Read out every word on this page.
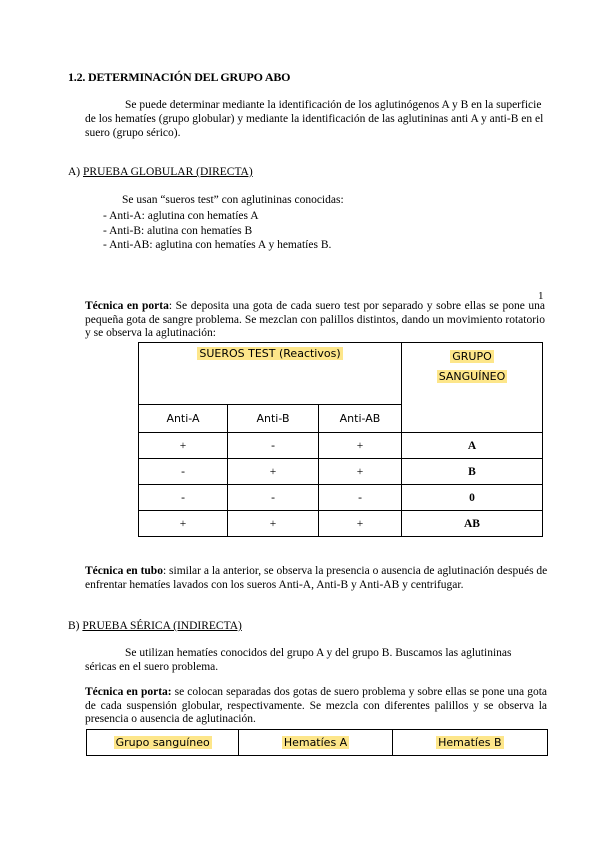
1.2. DETERMINACIÓN DEL GRUPO ABO

Se puede determinar mediante la identificación de los aglutinógenos A y B en la superficie de los hematíes (grupo globular) y mediante la identificación de las aglutininas anti A y anti-B en el suero (grupo sérico).

A) PRUEBA GLOBULAR (DIRECTA)

Se usan “sueros test” con aglutininas conocidas:

- Anti-A: aglutina con hematíes A
- Anti-B: alutina con hematíes B
- Anti-AB: aglutina con hematíes A y hematíes B.

1

Técnica en porta: Se deposita una gota de cada suero test por separado y sobre ellas se pone una pequeña gota de sangre problema. Se mezclan con palillos distintos, dando un movimiento rotatorio y se observa la aglutinación:

SUEROS TEST (Reactivos)			GRUPO
SANGUÍNEO

Anti-A	Anti-B	Anti-AB	
+	-	+	A
-	+	+	B
-	-	-	0
+	+	+	AB

Técnica en tubo: similar a la anterior, se observa la presencia o ausencia de aglutinación después de enfrentar hematíes lavados con los sueros Anti-A, Anti-B y Anti-AB y centrifugar.

B) PRUEBA SÉRICA (INDIRECTA)

Se utilizan hematíes conocidos del grupo A y del grupo B. Buscamos las aglutininas séricas en el suero problema.

Técnica en porta: se colocan separadas dos gotas de suero problema y sobre ellas se pone una gota de cada suspensión globular, respectivamente. Se mezcla con diferentes palillos y se observa la presencia o ausencia de aglutinación.

Grupo sanguíneo	Hematíes A	Hematíes B
